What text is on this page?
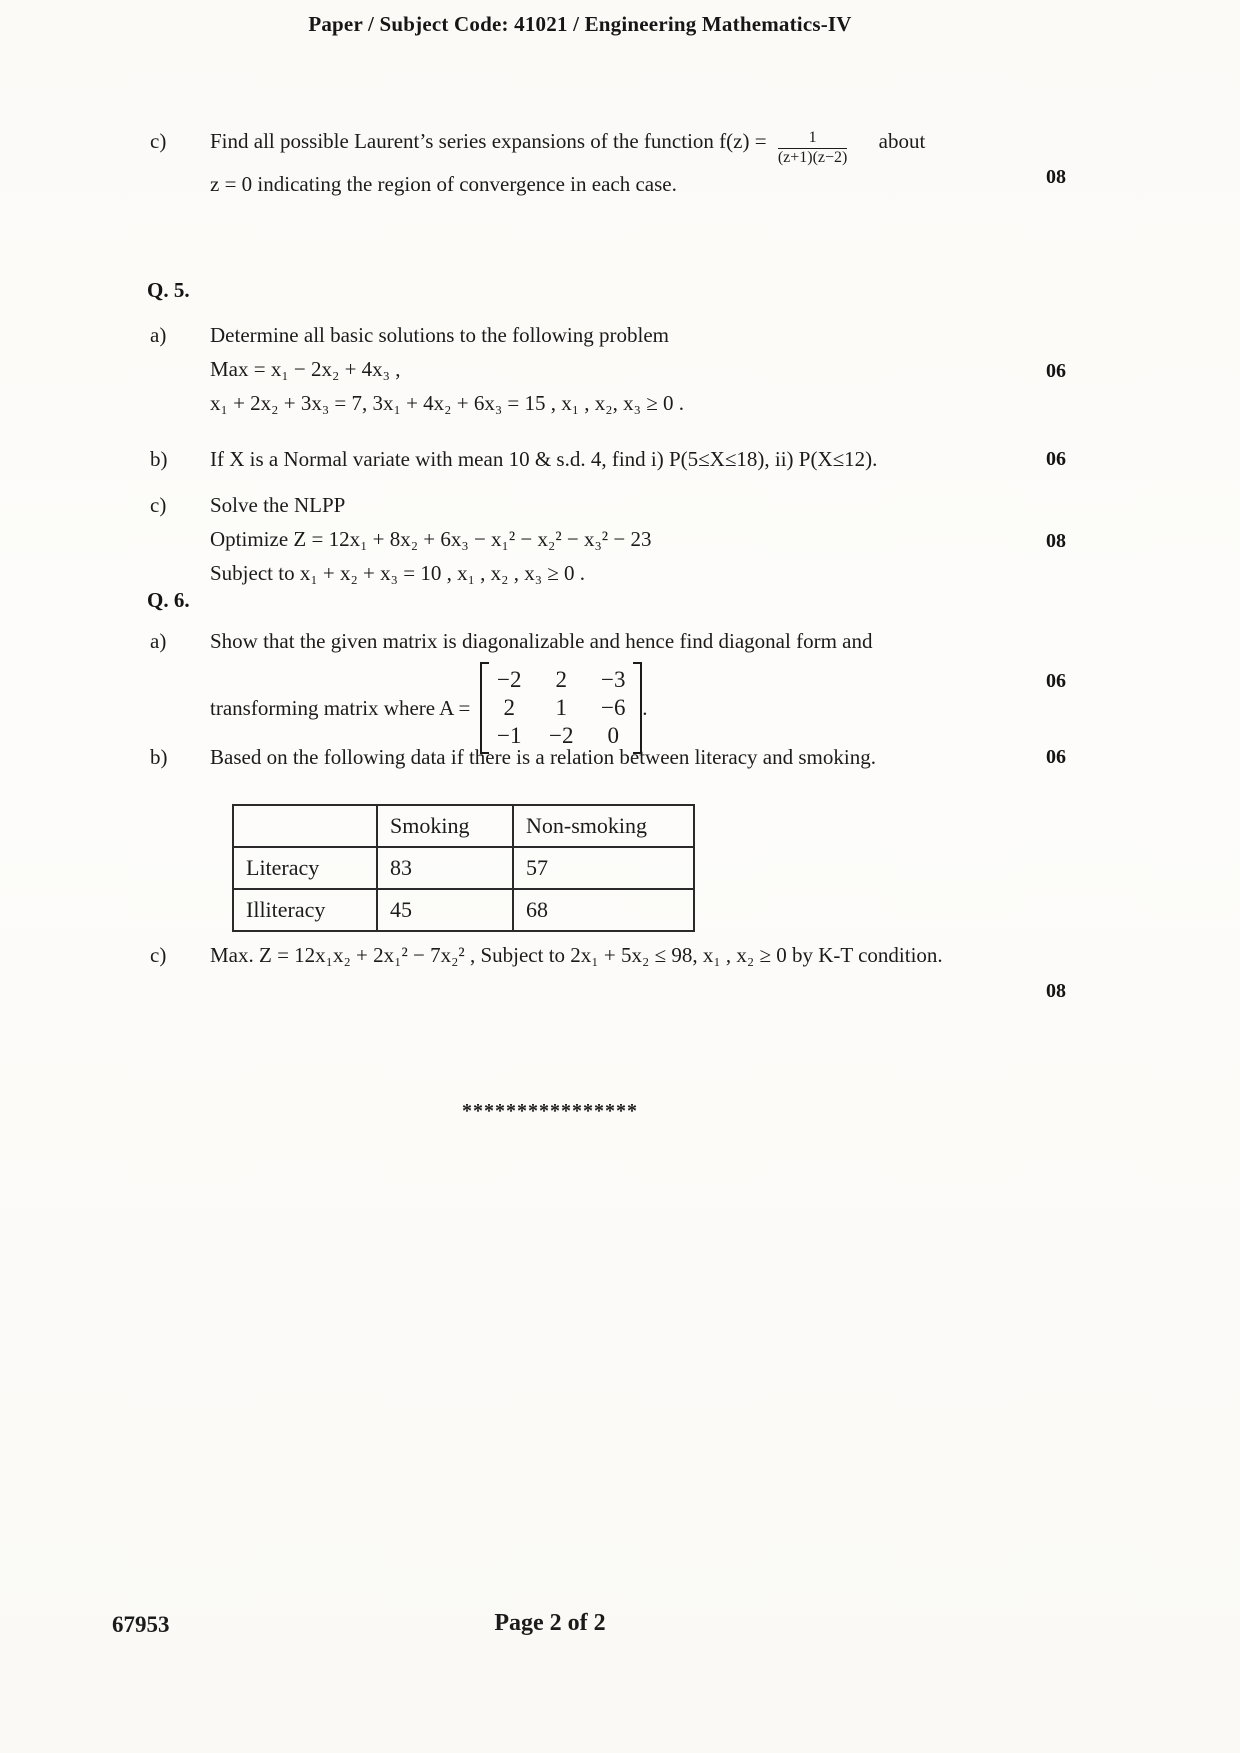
Paper / Subject Code: 41021 / Engineering Mathematics-IV
c)	Find all possible Laurent’s series expansions of the function $f(z) = \frac{1}{(z+1)(z-2)}$ about

z = 0 indicating the region of convergence in each case.	08
Q. 5.
a)	Determine all basic solutions to the following problem

Max = x₁ − 2x₂ + 4x₃ ,

x₁ + 2x₂ + 3x₃ = 7, 3x₁ + 4x₂ + 6x₃ = 15 , x₁ , x₂, x₃ ≥ 0 .

06
b)	If X is a Normal variate with mean 10 & s.d. 4, find i) P(5≤X≤18), ii) P(X≤12).	06
c)	Solve the NLPP

Optimize Z = 12x₁ + 8x₂ + 6x₃ − x₁² − x₂² − x₃² − 23

Subject to x₁ + x₂ + x₃ = 10 , x₁ , x₂ , x₃ ≥ 0 .

08
Q. 6.
a)	Show that the given matrix is diagonalizable and hence find diagonal form and

transforming matrix where A =
−2	2	−3
2	1	−6
−1 −2	0
.
06
b)	Based on the following data if there is a relation between literacy and smoking.

	Smoking	Non-smoking
Literacy	83	57
Illiteracy	45	68
06
c)	Max. Z = 12x₁x₂ + 2x₁² − 7x₂² , Subject to 2x₁ + 5x₂ ≤ 98, x₁ , x₂ ≥ 0 by K-T condition.

08
****************
67953	Page 2 of 2
